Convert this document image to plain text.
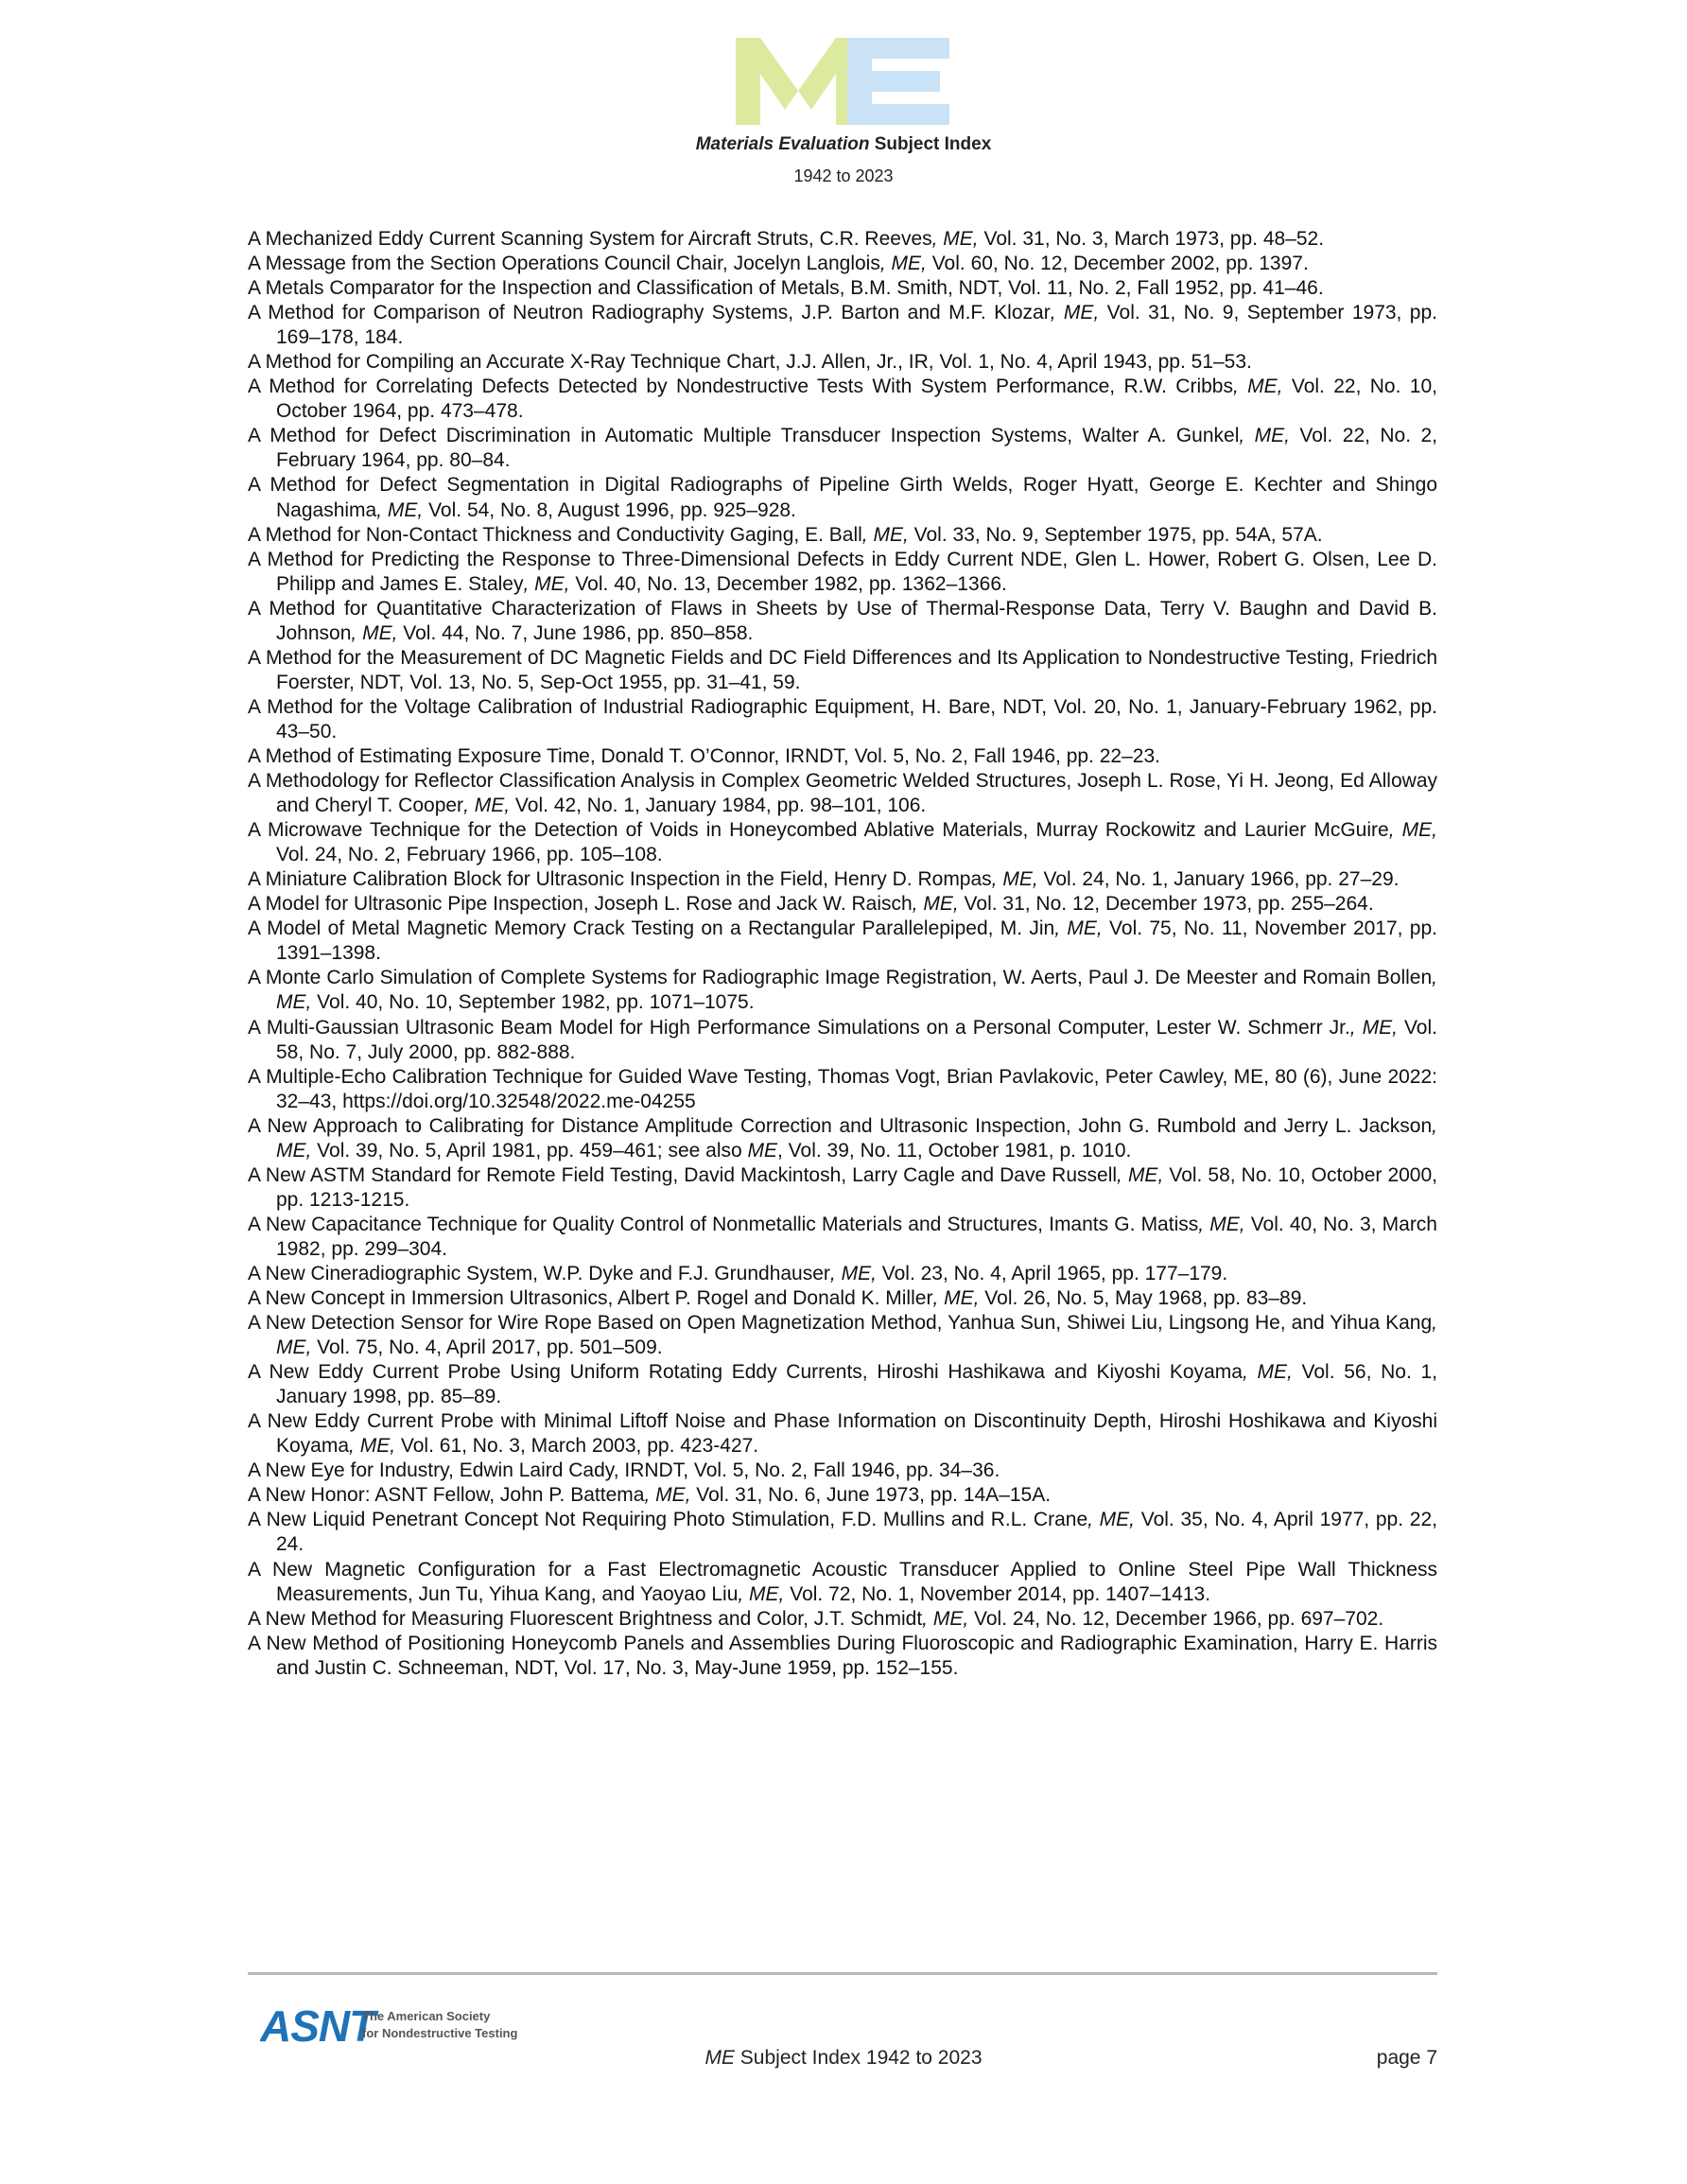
Materials Evaluation Subject Index
1942 to 2023
A Mechanized Eddy Current Scanning System for Aircraft Struts, C.R. Reeves, ME, Vol. 31, No. 3, March 1973, pp. 48–52.
A Message from the Section Operations Council Chair, Jocelyn Langlois, ME, Vol. 60, No. 12, December 2002, pp. 1397.
A Metals Comparator for the Inspection and Classification of Metals, B.M. Smith, NDT, Vol. 11, No. 2, Fall 1952, pp. 41–46.
A Method for Comparison of Neutron Radiography Systems, J.P. Barton and M.F. Klozar, ME, Vol. 31, No. 9, September 1973, pp. 169–178, 184.
A Method for Compiling an Accurate X-Ray Technique Chart, J.J. Allen, Jr., IR, Vol. 1, No. 4, April 1943, pp. 51–53.
A Method for Correlating Defects Detected by Nondestructive Tests With System Performance, R.W. Cribbs, ME, Vol. 22, No. 10, October 1964, pp. 473–478.
A Method for Defect Discrimination in Automatic Multiple Transducer Inspection Systems, Walter A. Gunkel, ME, Vol. 22, No. 2, February 1964, pp. 80–84.
A Method for Defect Segmentation in Digital Radiographs of Pipeline Girth Welds, Roger Hyatt, George E. Kechter and Shingo Nagashima, ME, Vol. 54, No. 8, August 1996, pp. 925–928.
A Method for Non-Contact Thickness and Conductivity Gaging, E. Ball, ME, Vol. 33, No. 9, September 1975, pp. 54A, 57A.
A Method for Predicting the Response to Three-Dimensional Defects in Eddy Current NDE, Glen L. Hower, Robert G. Olsen, Lee D. Philipp and James E. Staley, ME, Vol. 40, No. 13, December 1982, pp. 1362–1366.
A Method for Quantitative Characterization of Flaws in Sheets by Use of Thermal-Response Data, Terry V. Baughn and David B. Johnson, ME, Vol. 44, No. 7, June 1986, pp. 850–858.
A Method for the Measurement of DC Magnetic Fields and DC Field Differences and Its Application to Nondestructive Testing, Friedrich Foerster, NDT, Vol. 13, No. 5, Sep-Oct 1955, pp. 31–41, 59.
A Method for the Voltage Calibration of Industrial Radiographic Equipment, H. Bare, NDT, Vol. 20, No. 1, January-February 1962, pp. 43–50.
A Method of Estimating Exposure Time, Donald T. O’Connor, IRNDT, Vol. 5, No. 2, Fall 1946, pp. 22–23.
A Methodology for Reflector Classification Analysis in Complex Geometric Welded Structures, Joseph L. Rose, Yi H. Jeong, Ed Alloway and Cheryl T. Cooper, ME, Vol. 42, No. 1, January 1984, pp. 98–101, 106.
A Microwave Technique for the Detection of Voids in Honeycombed Ablative Materials, Murray Rockowitz and Laurier McGuire, ME, Vol. 24, No. 2, February 1966, pp. 105–108.
A Miniature Calibration Block for Ultrasonic Inspection in the Field, Henry D. Rompas, ME, Vol. 24, No. 1, January 1966, pp. 27–29.
A Model for Ultrasonic Pipe Inspection, Joseph L. Rose and Jack W. Raisch, ME, Vol. 31, No. 12, December 1973, pp. 255–264.
A Model of Metal Magnetic Memory Crack Testing on a Rectangular Parallelepiped, M. Jin, ME, Vol. 75, No. 11, November 2017, pp. 1391–1398.
A Monte Carlo Simulation of Complete Systems for Radiographic Image Registration, W. Aerts, Paul J. De Meester and Romain Bollen, ME, Vol. 40, No. 10, September 1982, pp. 1071–1075.
A Multi-Gaussian Ultrasonic Beam Model for High Performance Simulations on a Personal Computer, Lester W. Schmerr Jr., ME, Vol. 58, No. 7, July 2000, pp. 882-888.
A Multiple-Echo Calibration Technique for Guided Wave Testing, Thomas Vogt, Brian Pavlakovic, Peter Cawley, ME, 80 (6), June 2022: 32–43, https://doi.org/10.32548/2022.me-04255
A New Approach to Calibrating for Distance Amplitude Correction and Ultrasonic Inspection, John G. Rumbold and Jerry L. Jackson, ME, Vol. 39, No. 5, April 1981, pp. 459–461; see also ME, Vol. 39, No. 11, October 1981, p. 1010.
A New ASTM Standard for Remote Field Testing, David Mackintosh, Larry Cagle and Dave Russell, ME, Vol. 58, No. 10, October 2000, pp. 1213-1215.
A New Capacitance Technique for Quality Control of Nonmetallic Materials and Structures, Imants G. Matiss, ME, Vol. 40, No. 3, March 1982, pp. 299–304.
A New Cineradiographic System, W.P. Dyke and F.J. Grundhauser, ME, Vol. 23, No. 4, April 1965, pp. 177–179.
A New Concept in Immersion Ultrasonics, Albert P. Rogel and Donald K. Miller, ME, Vol. 26, No. 5, May 1968, pp. 83–89.
A New Detection Sensor for Wire Rope Based on Open Magnetization Method, Yanhua Sun, Shiwei Liu, Lingsong He, and Yihua Kang, ME, Vol. 75, No. 4, April 2017, pp. 501–509.
A New Eddy Current Probe Using Uniform Rotating Eddy Currents, Hiroshi Hashikawa and Kiyoshi Koyama, ME, Vol. 56, No. 1, January 1998, pp. 85–89.
A New Eddy Current Probe with Minimal Liftoff Noise and Phase Information on Discontinuity Depth, Hiroshi Hoshikawa and Kiyoshi Koyama, ME, Vol. 61, No. 3, March 2003, pp. 423-427.
A New Eye for Industry, Edwin Laird Cady, IRNDT, Vol. 5, No. 2, Fall 1946, pp. 34–36.
A New Honor: ASNT Fellow, John P. Battema, ME, Vol. 31, No. 6, June 1973, pp. 14A–15A.
A New Liquid Penetrant Concept Not Requiring Photo Stimulation, F.D. Mullins and R.L. Crane, ME, Vol. 35, No. 4, April 1977, pp. 22, 24.
A New Magnetic Configuration for a Fast Electromagnetic Acoustic Transducer Applied to Online Steel Pipe Wall Thickness Measurements, Jun Tu, Yihua Kang, and Yaoyao Liu, ME, Vol. 72, No. 1, November 2014, pp. 1407–1413.
A New Method for Measuring Fluorescent Brightness and Color, J.T. Schmidt, ME, Vol. 24, No. 12, December 1966, pp. 697–702.
A New Method of Positioning Honeycomb Panels and Assemblies During Fluoroscopic and Radiographic Examination, Harry E. Harris and Justin C. Schneeman, NDT, Vol. 17, No. 3, May-June 1959, pp. 152–155.
ASNT
The American Society
for Nondestructive Testing
ME Subject Index 1942 to 2023	page 7
